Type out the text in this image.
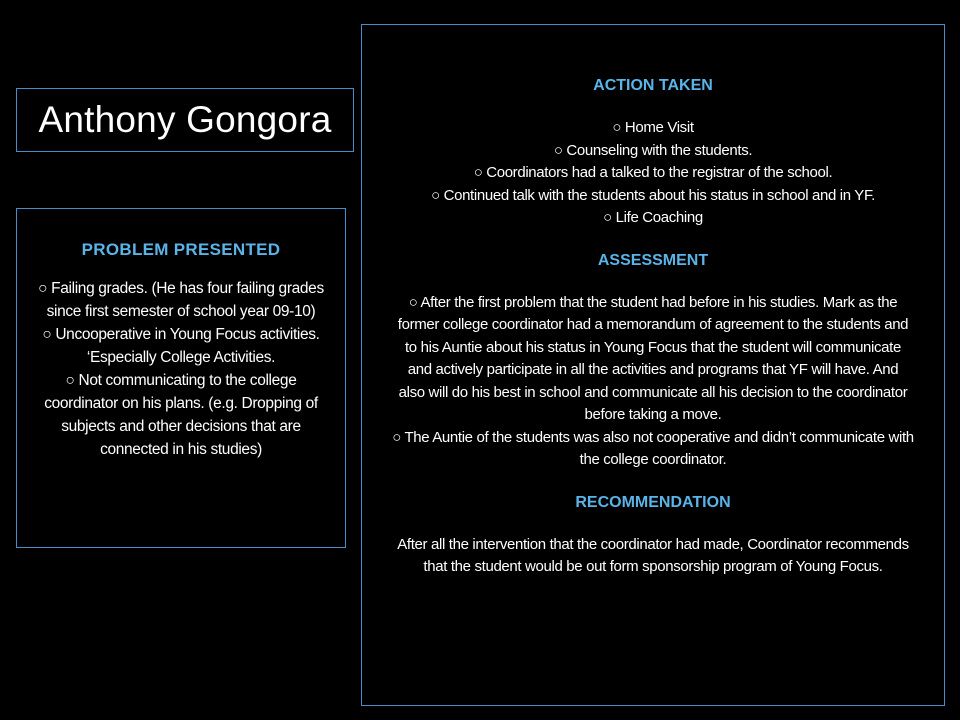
Anthony Gongora
PROBLEM PRESENTED
○ Failing grades. (He has four failing grades
since first semester of school year 09-10)
○ Uncooperative in Young Focus activities.
‘Especially College Activities.
○ Not communicating to the college
coordinator on his plans. (e.g. Dropping of
subjects and other decisions that are
connected in his studies)
ACTION TAKEN
○ Home Visit
○ Counseling with the students.
○ Coordinators had a talked to the registrar of the school.
○ Continued talk with the students about his status in school and in YF.
○ Life Coaching
ASSESSMENT
○ After the first problem that the student had before in his studies. Mark as the
former college coordinator had a memorandum of agreement to the students and
to his Auntie about his status in Young Focus that the student will communicate
and actively participate in all the activities and programs that YF will have. And
also will do his best in school and communicate all his decision to the coordinator
before taking a move.
○ The Auntie of the students was also not cooperative and didn’t communicate with
the college coordinator.
RECOMMENDATION
After all the intervention that the coordinator had made, Coordinator recommends
that the student would be out form sponsorship program of Young Focus.
